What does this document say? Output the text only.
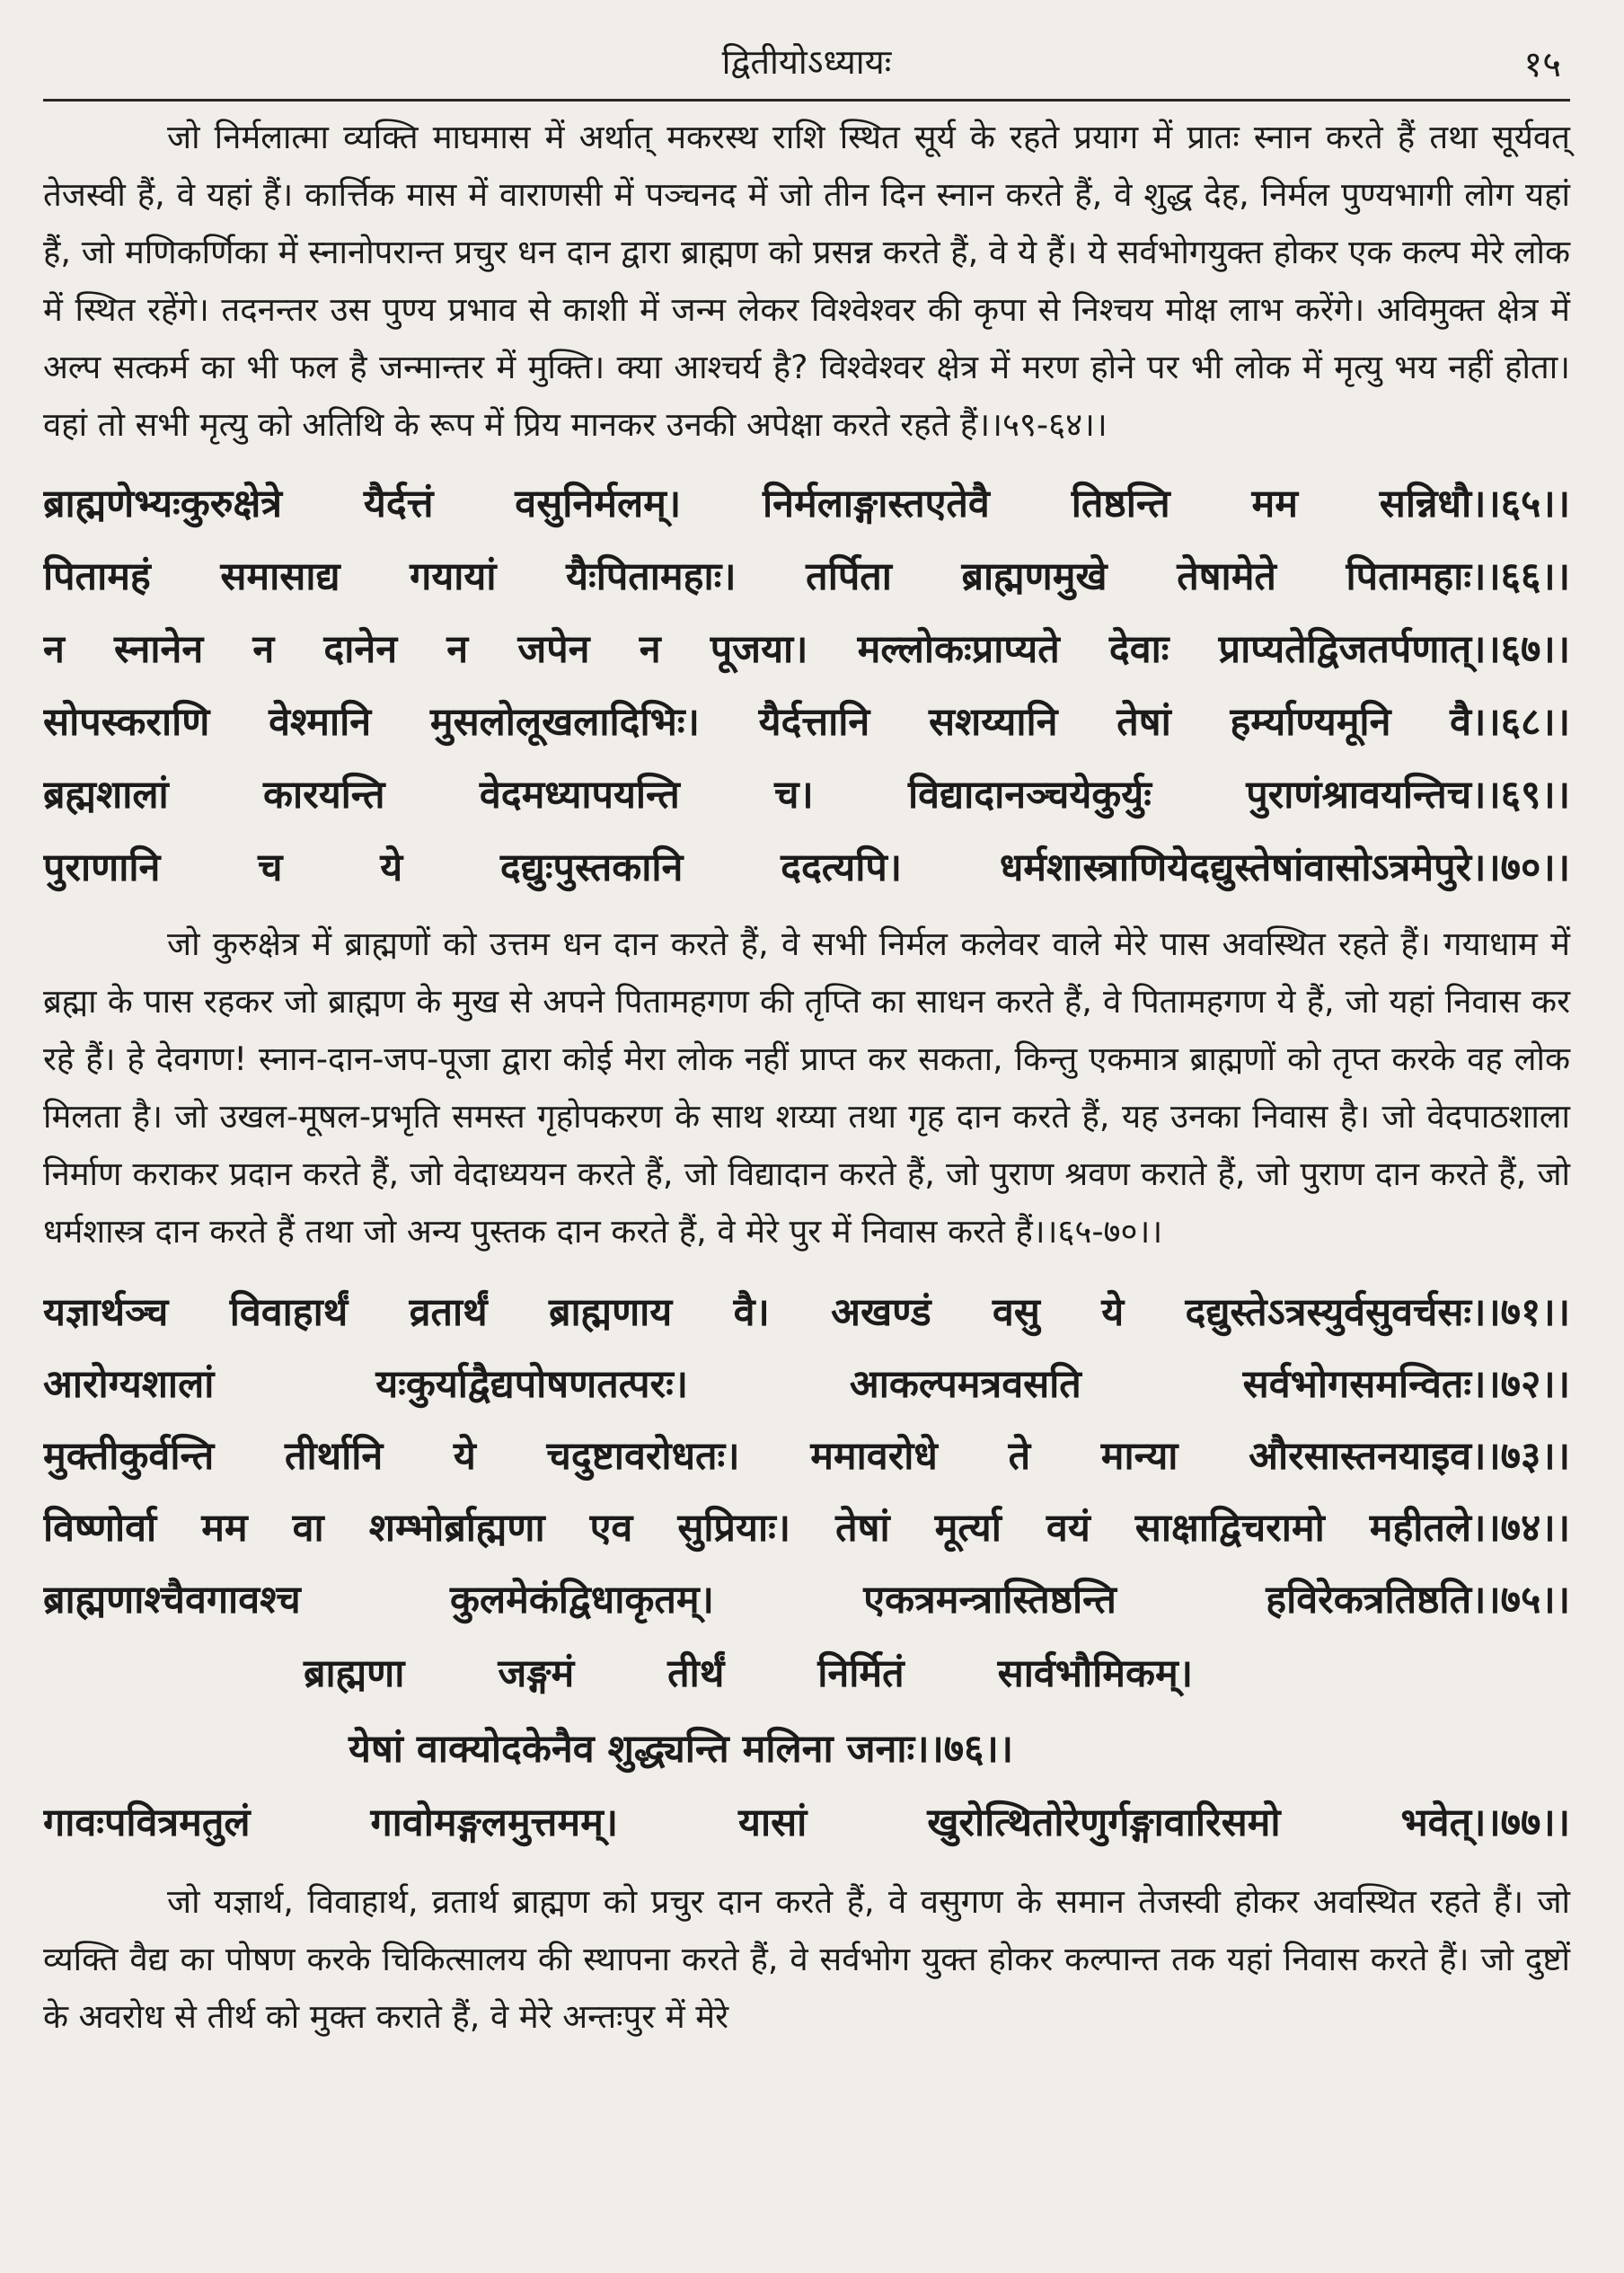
द्वितीयोऽध्यायः	१५

जो निर्मलात्मा व्यक्ति माघमास में अर्थात् मकरस्थ राशि स्थित सूर्य के रहते प्रयाग में प्रातः स्नान करते हैं तथा सूर्यवत् तेजस्वी हैं, वे यहां हैं। कार्त्तिक मास में वाराणसी में पञ्चनद में जो तीन दिन स्नान करते हैं, वे शुद्ध देह, निर्मल पुण्यभागी लोग यहां हैं, जो मणिकर्णिका में स्नानोपरान्त प्रचुर धन दान द्वारा ब्राह्मण को प्रसन्न करते हैं, वे ये हैं। ये सर्वभोगयुक्त होकर एक कल्प मेरे लोक में स्थित रहेंगे। तदनन्तर उस पुण्य प्रभाव से काशी में जन्म लेकर विश्वेश्वर की कृपा से निश्चय मोक्ष लाभ करेंगे। अविमुक्त क्षेत्र में अल्प सत्कर्म का भी फल है जन्मान्तर में मुक्ति। क्या आश्चर्य है? विश्वेश्वर क्षेत्र में मरण होने पर भी लोक में मृत्यु भय नहीं होता। वहां तो सभी मृत्यु को अतिथि के रूप में प्रिय मानकर उनकी अपेक्षा करते रहते हैं।।५९-६४।।

ब्राह्मणेभ्यःकुरुक्षेत्रे यैर्दत्तं वसुनिर्मलम्। निर्मलाङ्गास्तएतेवै तिष्ठन्ति मम सन्निधौ।।६५।।
पितामहं समासाद्य गयायां यैःपितामहाः। तर्पिता ब्राह्मणमुखे तेषामेते पितामहाः।।६६।।
न स्नानेन न दानेन न जपेन न पूजया। मल्लोकःप्राप्यते देवाः प्राप्यतेद्विजतर्पणात्।।६७।।
सोपस्कराणि वेश्मानि मुसलोलूखलादिभिः। यैर्दत्तानि सशय्यानि तेषां हर्म्याण्यमूनि वै।।६८।।
ब्रह्मशालां कारयन्ति वेदमध्यापयन्ति च। विद्यादानञ्चयेकुर्युः पुराणंश्रावयन्तिच।।६९।।
पुराणानि च ये दद्युःपुस्तकानि ददत्यपि। धर्मशास्त्राणियेदद्युस्तेषांवासोऽत्रमेपुरे।।७०।।

जो कुरुक्षेत्र में ब्राह्मणों को उत्तम धन दान करते हैं, वे सभी निर्मल कलेवर वाले मेरे पास अवस्थित रहते हैं। गयाधाम में ब्रह्मा के पास रहकर जो ब्राह्मण के मुख से अपने पितामहगण की तृप्ति का साधन करते हैं, वे पितामहगण ये हैं, जो यहां निवास कर रहे हैं। हे देवगण! स्नान-दान-जप-पूजा द्वारा कोई मेरा लोक नहीं प्राप्त कर सकता, किन्तु एकमात्र ब्राह्मणों को तृप्त करके वह लोक मिलता है। जो उखल-मूषल-प्रभृति समस्त गृहोपकरण के साथ शय्या तथा गृह दान करते हैं, यह उनका निवास है। जो वेदपाठशाला निर्माण कराकर प्रदान करते हैं, जो वेदाध्ययन करते हैं, जो विद्यादान करते हैं, जो पुराण श्रवण कराते हैं, जो पुराण दान करते हैं, जो धर्मशास्त्र दान करते हैं तथा जो अन्य पुस्तक दान करते हैं, वे मेरे पुर में निवास करते हैं।।६५-७०।।

यज्ञार्थञ्च विवाहार्थं व्रतार्थं ब्राह्मणाय वै। अखण्डं वसु ये दद्युस्तेऽत्रस्युर्वसुवर्चसः।।७१।।
आरोग्यशालां यःकुर्याद्वैद्यपोषणतत्परः। आकल्पमत्रवसति सर्वभोगसमन्वितः।।७२।।
मुक्तीकुर्वन्ति तीर्थानि ये चदुष्टावरोधतः। ममावरोधे ते मान्या औरसास्तनयाइव।।७३।।
विष्णोर्वा मम वा शम्भोर्ब्राह्मणा एव सुप्रियाः। तेषां मूर्त्या वयं साक्षाद्विचरामो महीतले।।७४।।
ब्राह्मणाश्चैवगावश्च कुलमेकंद्विधाकृतम्। एकत्रमन्त्रास्तिष्ठन्ति हविरेकत्रतिष्ठति।।७५।।
ब्राह्मणा जङ्गमं तीर्थं निर्मितं सार्वभौमिकम्।
येषां वाक्योदकेनैव शुद्ध्यन्ति मलिना जनाः।।७६।।
गावःपवित्रमतुलं गावोमङ्गलमुत्तमम्। यासां खुरोत्थितोरेणुर्गङ्गावारिसमो भवेत्।।७७।।

जो यज्ञार्थ, विवाहार्थ, व्रतार्थ ब्राह्मण को प्रचुर दान करते हैं, वे वसुगण के समान तेजस्वी होकर अवस्थित रहते हैं। जो व्यक्ति वैद्य का पोषण करके चिकित्सालय की स्थापना करते हैं, वे सर्वभोग युक्त होकर कल्पान्त तक यहां निवास करते हैं। जो दुष्टों के अवरोध से तीर्थ को मुक्त कराते हैं, वे मेरे अन्तःपुर में मेरे
